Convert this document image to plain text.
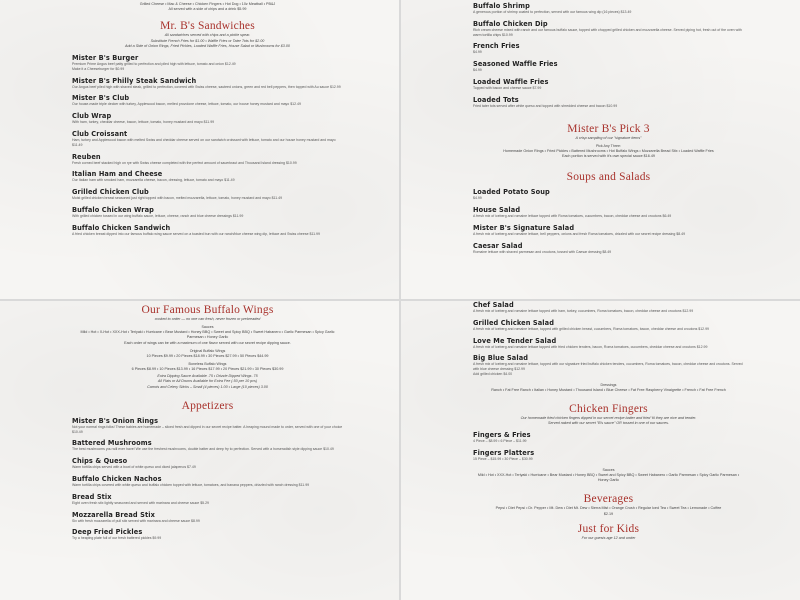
Grilled Cheese • Mac & Cheese • Chicken Fingers • Hot Dog • 10z Meatball • PB&J
All served with a side of chips and a drink $5.99
Mr. B's Sandwiches
All sandwiches served with chips and a pickle spear.
Substitute French Fries for $1.00 • Waffle Fries or Tater Tots for $2.00
Add a Side of Onion Rings, Fried Pickles, Loaded Waffle Fries, House Salad or Mushrooms for $3.00
Mister B's Burger
Premium Prime Angus beef patty grilled to perfection and piled high with lettuce, tomato and onion $12.49
Make it a Cheeseburger for $0.99
Mister B's Philly Steak Sandwich
Our Angus beef piled high with shaved steak, grilled to perfection, covered with Swiss cheese, sauteed onions, green and red bell peppers, then topped with Au sauce $12.99
Mister B's Club
Our house-made triple decker with turkey, Applewood bacon, melted provolone cheese, lettuce, tomato, our house honey mustard and mayo $12.49
Club Wrap
With ham, turkey, cheddar cheese, bacon, lettuce, tomato, honey mustard and mayo $11.99
Club Croissant
Ham, turkey and Applewood bacon with melted Swiss and cheddar cheese served on our sandwich croissant with lettuce, tomato and our house honey mustard and mayo $11.49
Reuben
Fresh corned beef stacked high on rye with Swiss cheese completed with the perfect amount of sauerkraut and Thousand Island dressing $10.99
Italian Ham and Cheese
Our Italian ham with smoked ham, mozzarella cheese, bacon, dressing, lettuce, tomato and mayo $11.49
Grilled Chicken Club
Moist grilled chicken breast seasoned just right topped with bacon, melted mozzarella, lettuce, tomato, honey mustard and mayo $11.49
Buffalo Chicken Wrap
With grilled chicken tossed in our wing buffalo sauce, lettuce, cheese, ranch and blue cheese dressings $11.99
Buffalo Chicken Sandwich
A fried chicken breast dipped into our famous buffalo wing sauce served on a toasted bun with our ranch/blue cheese wing dip, lettuce and Swiss cheese $11.99
Buffalo Shrimp
A generous portion of shrimp coated to perfection, served with our famous wing dip (16 pieces) $13.49
Buffalo Chicken Dip
Rich cream cheese mixed with ranch and our famous buffalo sauce, topped with chopped grilled chicken and mozzarella cheese. Served piping hot, fresh out of the oven with warm tortilla chips $10.99
French Fries
$4.99
Seasoned Waffle Fries
$4.99
Loaded Waffle Fries
Topped with bacon and cheese sauce $7.99
Loaded Tots
Fried tater tots served after white queso and topped with shredded cheese and bacon $10.99
Mister B's Pick 3
A crisp sampling of our "signature items"
Pick Any Three:
Homemade Onion Rings • Fried Pickles • Battered Mushrooms • Hot Buffalo Wings • Mozzarella Bread Stix • Loaded Waffle Fries
Each portion is served with it's own special sauce $16.49
Soups and Salads
Loaded Potato Soup
$4.99
House Salad
A fresh mix of iceberg and romaine lettuce topped with Roma tomatoes, cucumbers, bacon, cheddar cheese and croutons $6.49
Mister B's Signature Salad
A fresh mix of iceberg and romaine lettuce, bell peppers, onions and fresh Roma tomatoes, drizzled with our secret recipe dressing $8.49
Caesar Salad
Romaine lettuce with shaved parmesan and croutons, tossed with Caesar dressing $8.49
Our Famous Buffalo Wings
cooked to order — no one can fresh, never frozen or prebreaded
Sauces
Mild • Hot • X-Hot • XXX-Hot • Teriyaki • Hurricane • Bear Mustard • Honey BBQ • Sweet and Spicy BBQ • Sweet Habanero • Garlic Parmesan • Spicy Garlic Parmesan • Honey Garlic
Each order of wings can be with a maximum of one flavor served with our secret recipe dipping sauce.
Original Buffalo Wings
10 Pieces $9.99 • 20 Pieces $18.99 • 30 Pieces $27.99 • 50 Pieces $44.99
Boneless Buffalo Wings
6 Pieces $8.99 • 10 Pieces $13.99 • 16 Pieces $17.99 • 20 Pieces $21.99 • 30 Pieces $30.99
Extra Dipping Sauce Available .75 • Drizzle Dipped Wings .75
All Flats or All Drums Available for Extra Fee (.50 per 10 pcs)
Carrots and Celery Sticks – Small (4 pieces) 1.00 • Large (10 pieces) 3.00
Appetizers
Mister B's Onion Rings
Not your normal rings folks! These babies are homemade – sliced fresh and dipped in our secret recipe batter. A heaping mound made to order, served with one of your choice $10.49
Battered Mushrooms
The best mushrooms you will ever have! We use the freshest mushrooms, double batter and deep fry to perfection. Served with a horseradish style dipping sauce $10.49
Chips & Queso
Warm tortilla chips served with a bowl of white queso and diced jalapenos $7.49
Buffalo Chicken Nachos
Warm tortilla chips covered with white queso and buffalo chicken topped with lettuce, tomatoes, and banana peppers, drizzled with ranch dressing $11.99
Bread Stix
Eight oven fresh stix lightly seasoned and served with marinara and cheese sauce $5.29
Mozzarella Bread Stix
Six with fresh mozzarella of pull stix served with marinara and cheese sauce $8.99
Deep Fried Pickles
Try a heaping plate full of our fresh battered pickles $9.99
Chef Salad
A fresh mix of iceberg and romaine lettuce topped with ham, turkey, cucumbers, Roma tomatoes, bacon, cheddar cheese and croutons $12.99
Grilled Chicken Salad
A fresh mix of iceberg and romaine lettuce, topped with grilled chicken breast, cucumbers, Roma tomatoes, bacon, cheddar cheese and croutons $12.99
Love Me Tender Salad
A fresh mix of iceberg and romaine lettuce topped with fried chicken tenders, bacon, Roma tomatoes, cucumbers, cheddar cheese and croutons $12.99
Big Blue Salad
A fresh mix of iceberg and romaine lettuce, topped with our signature fried buffalo chicken tenders, cucumbers, Roma tomatoes, bacon, cheddar cheese and croutons. Served with blue cheese dressing $12.99
Add grilled chicken $4.00
Dressings
Ranch • Fat Free Ranch • Italian • Honey Mustard • Thousand Island • Blue Cheese • Fat Free Raspberry Vinaigrette • French • Fat Free French
Chicken Fingers
Our homemade fried chicken fingers dipped in our secret recipe batter and fried 'til they are nice and tender.
Served naked with our secret "B's sauce" OR tossed in one of our sauces.
Fingers & Fries
4 Piece – $8.99 • 6 Piece – $11.99
Fingers Platters
15 Piece – $15.99 • 30 Piece – $30.99
Sauces
Mild • Hot • XXX-Hot • Teriyaki • Hurricane • Bear Mustard • Honey BBQ • Sweet and Spicy BBQ • Sweet Habanero • Garlic Parmesan • Spicy Garlic Parmesan • Honey Garlic
Beverages
Pepsi • Diet Pepsi • Dr. Pepper • Mt. Dew • Diet Mt. Dew • Sierra Mist • Orange Crush • Regular Iced Tea • Sweet Tea • Lemonade • Coffee
$2.19
Just for Kids
For our guests age 12 and under
